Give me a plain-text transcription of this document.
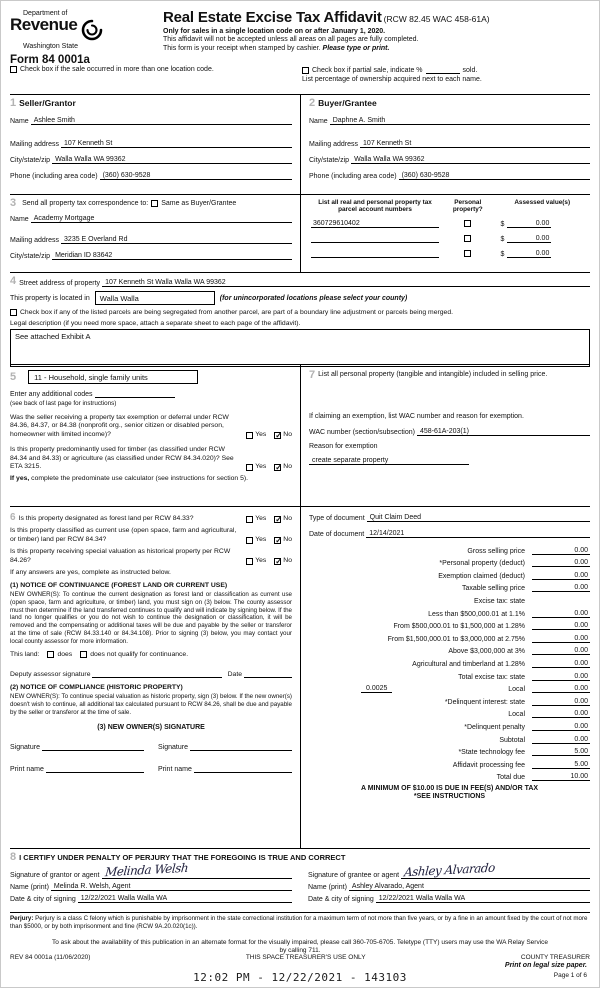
Department of
Revenue
Washington State
Form 84 0001a
Real Estate Excise Tax Affidavit (RCW 82.45 WAC 458-61A)
Only for sales in a single location code on or after January 1, 2020.
This affidavit will not be accepted unless all areas on all pages are fully completed.
This form is your receipt when stamped by cashier. Please type or print.
Check box if the sale occurred in more than one location code.	Check box if partial sale, indicate %	sold.
List percentage of ownership acquired next to each name.
1 Seller/Grantor
Name Ashlee Smith
Mailing address 107 Kenneth St
City/state/zip Walla Walla WA 99362
Phone (including area code) (360) 630-9528
2 Buyer/Grantee
Name Daphne A. Smith
Mailing address 107 Kenneth St
City/state/zip Walla Walla WA 99362
Phone (including area code) (360) 630-9528
3 Send all property tax correspondence to: Same as Buyer/Grantee
Name Academy Mortgage
Mailing address 3235 E Overland Rd
City/state/zip Meridian ID 83642
List all real and personal property tax parcel account numbers
Personal property?
Assessed value(s)
360729610402	$	0.00
$	0.00
$	0.00
4 Street address of property 107 Kenneth St Walla Walla WA 99362
This property is located in	Walla Walla	(for unincorporated locations please select your county)
Check box if any of the listed parcels are being segregated from another parcel, are part of a boundary line adjustment or parcels being merged.
Legal description (if you need more space, attach a separate sheet to each page of the affidavit).
See attached Exhibit A
5	11 - Household, single family units
Enter any additional codes
(see back of last page for instructions)
Was the seller receiving a property tax exemption or deferral under RCW 84.36, 84.37, or 84.38 (nonprofit org., senior citizen or disabled person, homeowner with limited income)?	Yes ✓ No
Is this property predominantly used for timber (as classified under RCW 84.34 and 84.33) or agriculture (as classified under RCW 84.34.020)? See ETA 3215.	Yes ✓ No
If yes, complete the predominate use calculator (see instructions for section 5).
7 List all personal property (tangible and intangible) included in selling price.
If claiming an exemption, list WAC number and reason for exemption.
WAC number (section/subsection) 458-61A-203(1)
Reason for exemption
create separate property
6 Is this property designated as forest land per RCW 84.33?	Yes ✓ No
Is this property classified as current use (open space, farm and agricultural, or timber) land per RCW 84.34?	Yes ✓ No
Is this property receiving special valuation as historical property per RCW 84.26?	Yes ✓ No
If any answers are yes, complete as instructed below.
(1) NOTICE OF CONTINUANCE (FOREST LAND OR CURRENT USE)
NEW OWNER(S): To continue the current designation as forest land or classification as current use (open space, farm and agriculture, or timber) land, you must sign on (3) below. The county assessor must then determine if the land transferred continues to qualify and will indicate by signing below. If the land no longer qualifies or you do not wish to continue the designation or classification, it will be removed and the compensating or additional taxes will be due and payable by the seller or transferor at the time of sale (RCW 84.33.140 or 84.34.108). Prior to signing (3) below, you may contact your local county assessor for more information.
This land:	does	does not qualify for continuance.
Deputy assessor signature	Date
(2) NOTICE OF COMPLIANCE (HISTORIC PROPERTY)
NEW OWNER(S): To continue special valuation as historic property, sign (3) below. If the new owner(s) doesn't wish to continue, all additional tax calculated pursuant to RCW 84.26, shall be due and payable by the seller or transferor at the time of sale.
(3) NEW OWNER(S) SIGNATURE
Signature	Signature
Print name	Print name
Type of document Quit Claim Deed
Date of document 12/14/2021
Gross selling price	0.00
*Personal property (deduct)	0.00
Exemption claimed (deduct)	0.00
Taxable selling price	0.00
Excise tax: state
Less than $500,000.01 at 1.1%	0.00
From $500,000.01 to $1,500,000 at 1.28%	0.00
From $1,500,000.01 to $3,000,000 at 2.75%	0.00
Above $3,000,000 at 3%	0.00
Agricultural and timberland at 1.28%	0.00
Total excise tax: state	0.00
0.0025	Local	0.00
*Delinquent interest: state	0.00
Local	0.00
*Delinquent penalty	0.00
Subtotal	0.00
*State technology fee	5.00
Affidavit processing fee	5.00
Total due	10.00
A MINIMUM OF $10.00 IS DUE IN FEE(S) AND/OR TAX
*SEE INSTRUCTIONS
8 I CERTIFY UNDER PENALTY OF PERJURY THAT THE FOREGOING IS TRUE AND CORRECT
Signature of grantor or agent Melinda Welsh
Name (print) Melinda R. Welsh, Agent
Date & city of signing 12/22/2021 Walla Walla WA
Signature of grantee or agent Ashley Alvarado
Name (print) Ashley Alvarado, Agent
Date & city of signing 12/22/2021 Walla Walla WA
Perjury: Perjury is a class C felony which is punishable by imprisonment in the state correctional institution for a maximum term of not more than five years, or by a fine in an amount fixed by the court of not more than $5000, or by both imprisonment and fine (RCW 9A.20.020(1c)).
To ask about the availability of this publication in an alternate format for the visually impaired, please call 360-705-6705. Teletype (TTY) users may use the WA Relay Service by calling 711.
REV 84 0001a (11/06/2020)	THIS SPACE TREASURER'S USE ONLY	COUNTY TREASURER
12:02 PM - 12/22/2021 - 143103
Print on legal size paper.
Page 1 of 6
